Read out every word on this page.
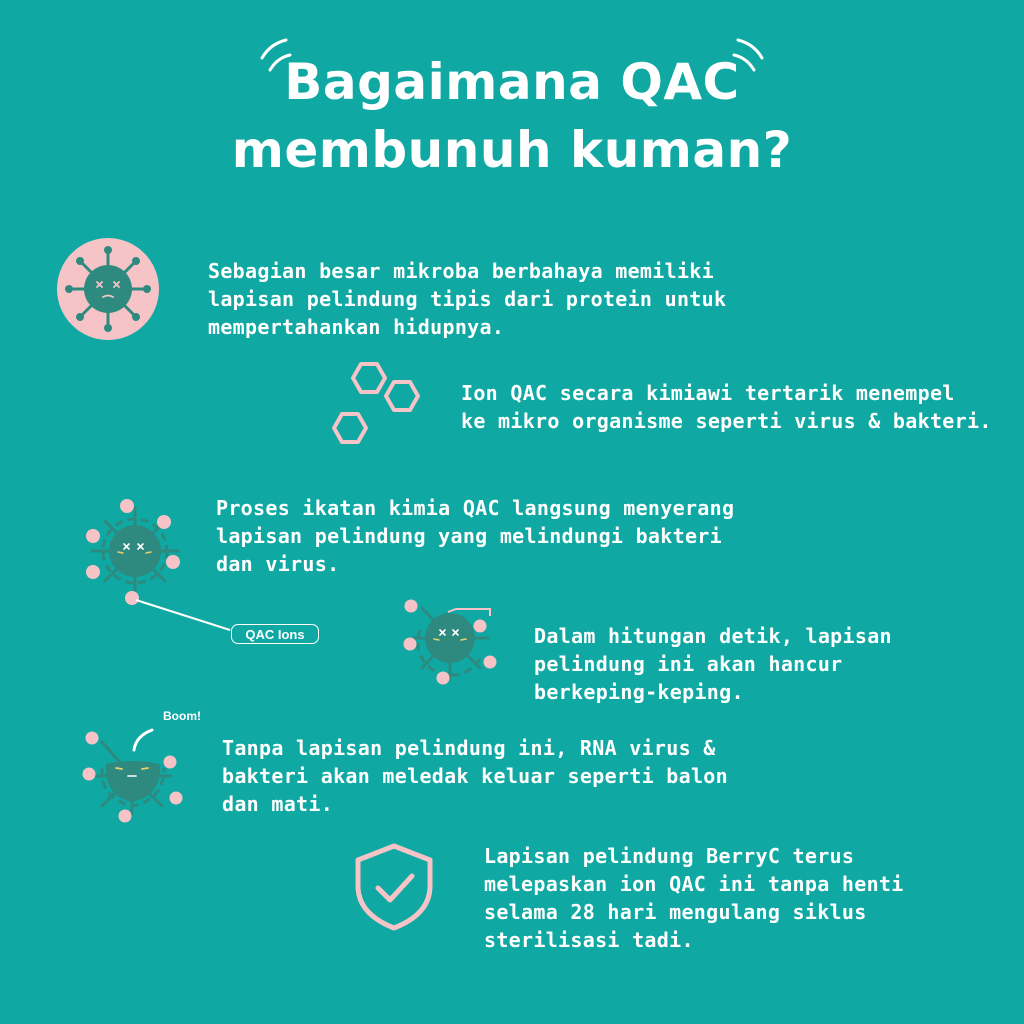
Bagaimana QAC
membunuh kuman?
Sebagian besar mikroba berbahaya memiliki
lapisan pelindung tipis dari protein untuk
mempertahankan hidupnya.
Ion QAC secara kimiawi tertarik menempel
ke mikro organisme seperti virus & bakteri.
QAC Ions
Proses ikatan kimia QAC langsung menyerang
lapisan pelindung yang melindungi bakteri
dan virus.
Dalam hitungan detik, lapisan
pelindung ini akan hancur
berkeping-keping.
Boom!
Tanpa lapisan pelindung ini, RNA virus &
bakteri akan meledak keluar seperti balon
dan mati.
Lapisan pelindung BerryC terus
melepaskan ion QAC ini tanpa henti
selama 28 hari mengulang siklus
sterilisasi tadi.
